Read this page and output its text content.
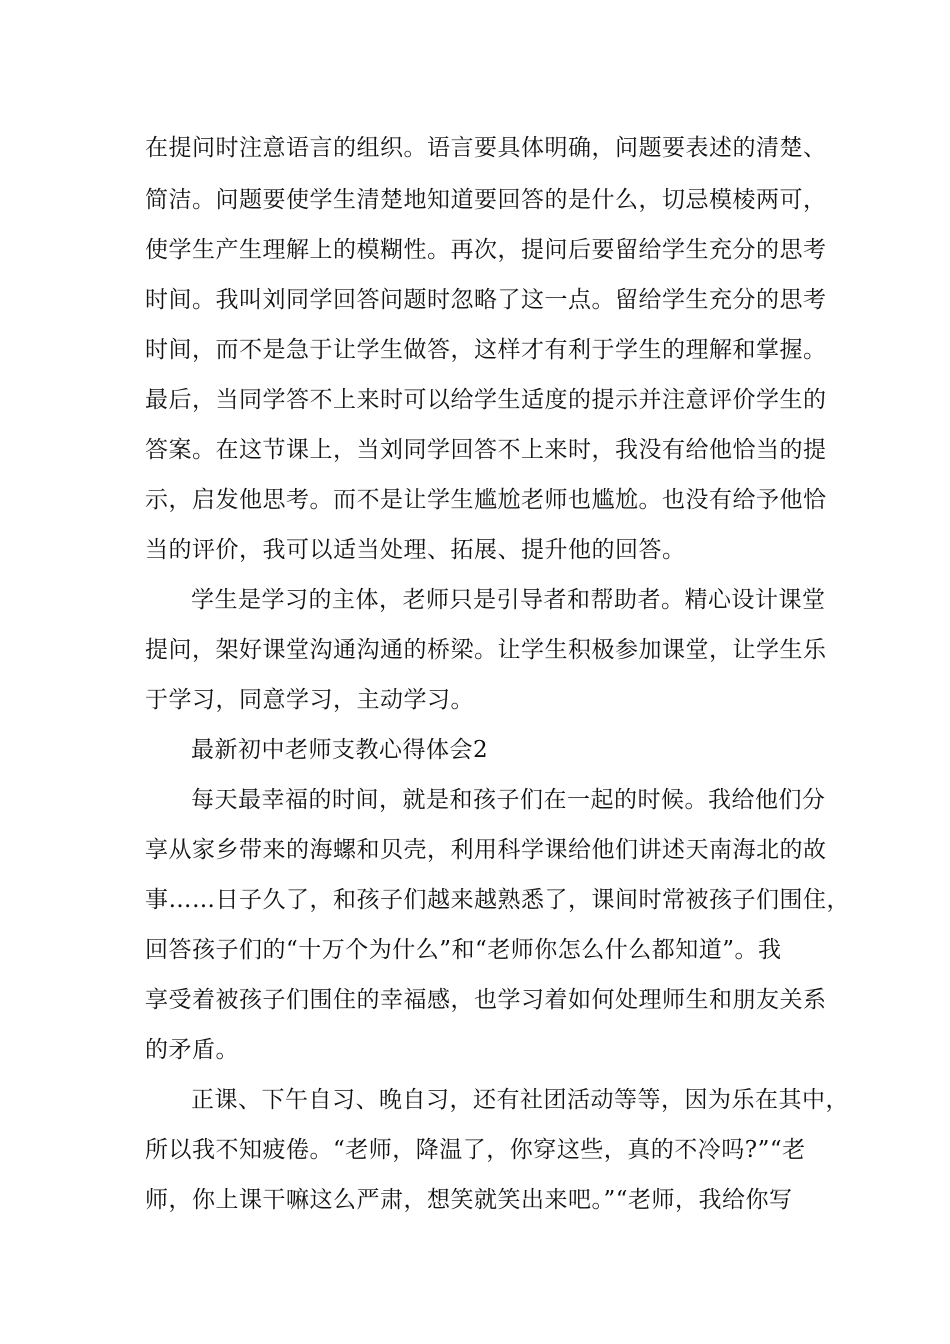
在提问时注意语言的组织。语言要具体明确，问题要表述的清楚、
简洁。问题要使学生清楚地知道要回答的是什么，切忌模棱两可，
使学生产生理解上的模糊性。再次，提问后要留给学生充分的思考
时间。我叫刘同学回答问题时忽略了这一点。留给学生充分的思考
时间，而不是急于让学生做答，这样才有利于学生的理解和掌握。
最后，当同学答不上来时可以给学生适度的提示并注意评价学生的
答案。在这节课上，当刘同学回答不上来时，我没有给他恰当的提
示，启发他思考。而不是让学生尴尬老师也尴尬。也没有给予他恰
当的评价，我可以适当处理、拓展、提升他的回答。
学生是学习的主体，老师只是引导者和帮助者。精心设计课堂
提问，架好课堂沟通沟通的桥梁。让学生积极参加课堂，让学生乐
于学习，同意学习，主动学习。
最新初中老师支教心得体会2
每天最幸福的时间，就是和孩子们在一起的时候。我给他们分
享从家乡带来的海螺和贝壳，利用科学课给他们讲述天南海北的故
事……日子久了，和孩子们越来越熟悉了，课间时常被孩子们围住，
回答孩子们的“十万个为什么”和“老师你怎么什么都知道”。我
享受着被孩子们围住的幸福感，也学习着如何处理师生和朋友关系
的矛盾。
正课、下午自习、晚自习，还有社团活动等等，因为乐在其中，
所以我不知疲倦。“老师，降温了，你穿这些，真的不冷吗?”“老
师，你上课干嘛这么严肃，想笑就笑出来吧。”“老师，我给你写
